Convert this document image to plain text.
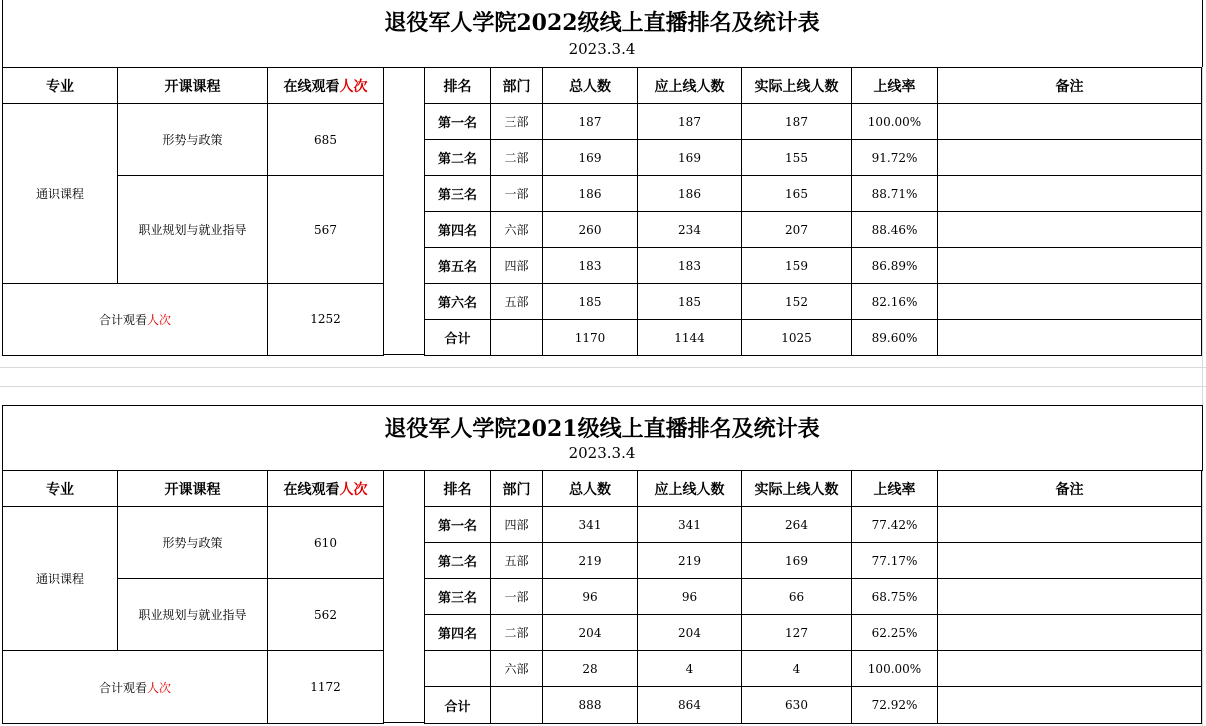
退役军人学院2022级线上直播排名及统计表
2023.3.4
专业	开课课程	在线观看人次
通识课程	形势与政策	685
	职业规划与就业指导	567
合计观看人次		1252
排名	部门	总人数	应上线人数	实际上线人数	上线率	备注
第一名	三部	187	187	187	100.00%	
第二名	二部	169	169	155	91.72%	
第三名	一部	186	186	165	88.71%	
第四名	六部	260	234	207	88.46%	
第五名	四部	183	183	159	86.89%	
第六名	五部	185	185	152	82.16%	
合计		1170	1144	1025	89.60%	
退役军人学院2021级线上直播排名及统计表
2023.3.4
专业	开课课程	在线观看人次
通识课程	形势与政策	610
	职业规划与就业指导	562
合计观看人次		1172
排名	部门	总人数	应上线人数	实际上线人数	上线率	备注
第一名	四部	341	341	264	77.42%	
第二名	五部	219	219	169	77.17%	
第三名	一部	96	96	66	68.75%	
第四名	二部	204	204	127	62.25%	
	六部	28	4	4	100.00%	
合计		888	864	630	72.92%	
